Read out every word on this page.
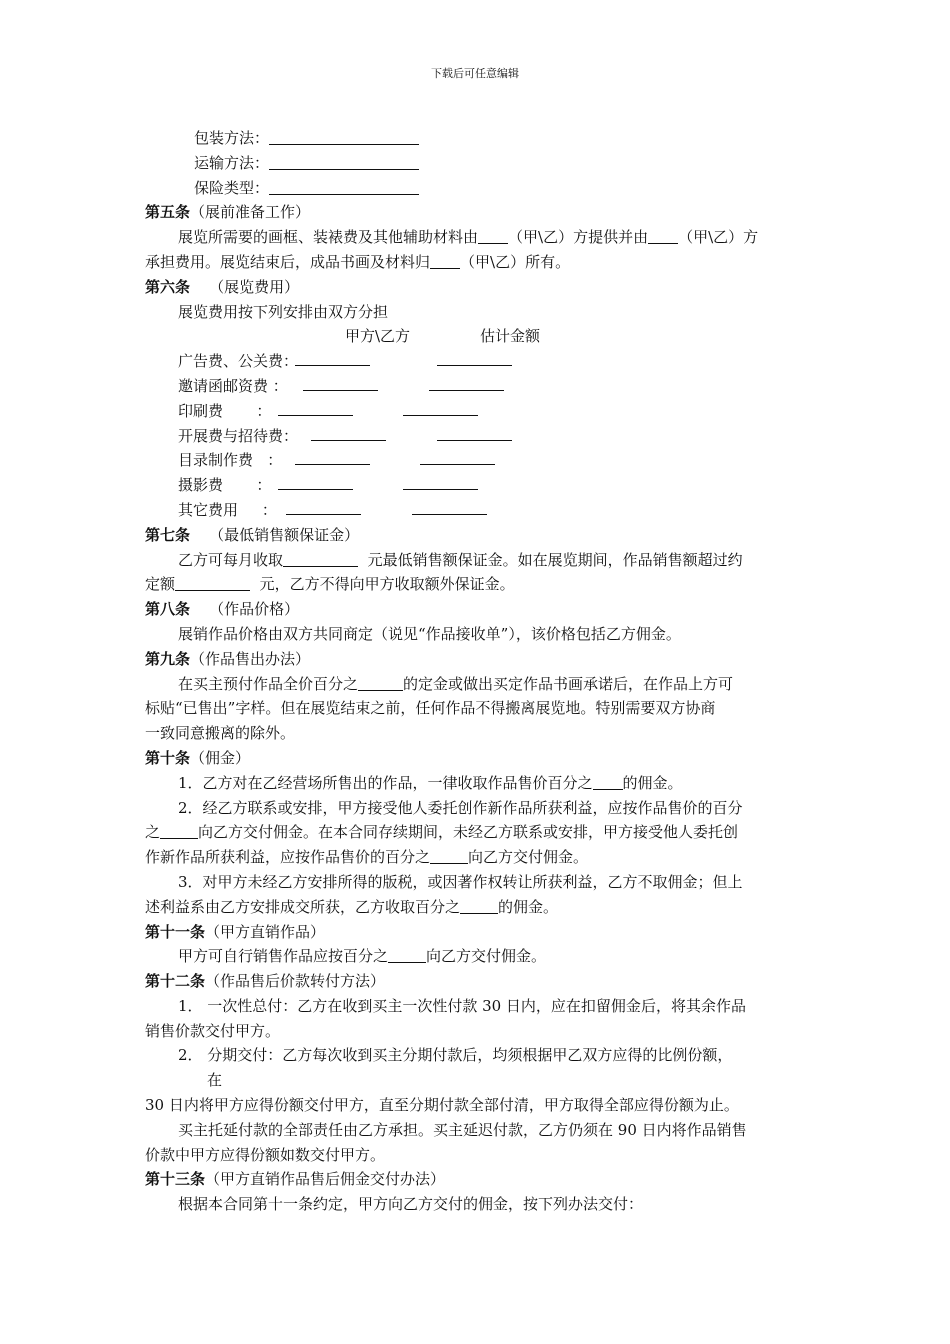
下载后可任意编辑
包装方法：
运输方法：
保险类型：
第五条（展前准备工作）
展览所需要的画框、装裱费及其他辅助材料由 （甲\乙）方提供并由 （甲\乙）方
承担费用。展览结束后，成品书画及材料归 （甲\乙）所有。
第六条 （展览费用）
展览费用按下列安排由双方分担
甲方\乙方	估计金额
广告费、公关费：
邀请函邮资费 ：
印刷费       ：
开展费与招待费：
目录制作费   ：
摄影费       ：
其它费用     ：
第七条 （最低销售额保证金）
乙方可每月收取	元最低销售额保证金。如在展览期间，作品销售额超过约
定额	元，乙方不得向甲方收取额外保证金。
第八条 （作品价格）
展销作品价格由双方共同商定（说见“作品接收单”），该价格包括乙方佣金。
第九条（作品售出办法）
在买主预付作品全价百分之	的定金或做出买定作品书画承诺后，在作品上方可
标贴“已售出”字样。但在展览结束之前，任何作品不得搬离展览地。特别需要双方协商
一致同意搬离的除外。
第十条（佣金）
1．乙方对在乙经营场所售出的作品，一律收取作品售价百分之 的佣金。
2．经乙方联系或安排，甲方接受他人委托创作新作品所获利益，应按作品售价的百分
之	向乙方交付佣金。在本合同存续期间，未经乙方联系或安排，甲方接受他人委托创
作新作品所获利益，应按作品售价的百分之	向乙方交付佣金。
3．对甲方未经乙方安排所得的版税，或因著作权转让所获利益，乙方不取佣金；但上
述利益系由乙方安排成交所获，乙方收取百分之	的佣金。
第十一条（甲方直销作品）
甲方可自行销售作品应按百分之	向乙方交付佣金。
第十二条（作品售后价款转付方法）
1． 一次性总付：乙方在收到买主一次性付款 30 日内，应在扣留佣金后，将其余作品
销售价款交付甲方。
2． 分期交付：乙方每次收到买主分期付款后，均须根据甲乙双方应得的比例份额，
在
30 日内将甲方应得份额交付甲方，直至分期付款全部付清，甲方取得全部应得份额为止。
买主托延付款的全部责任由乙方承担。买主延迟付款，乙方仍须在 90 日内将作品销售
价款中甲方应得份额如数交付甲方。
第十三条（甲方直销作品售后佣金交付办法）
根据本合同第十一条约定，甲方向乙方交付的佣金，按下列办法交付：
